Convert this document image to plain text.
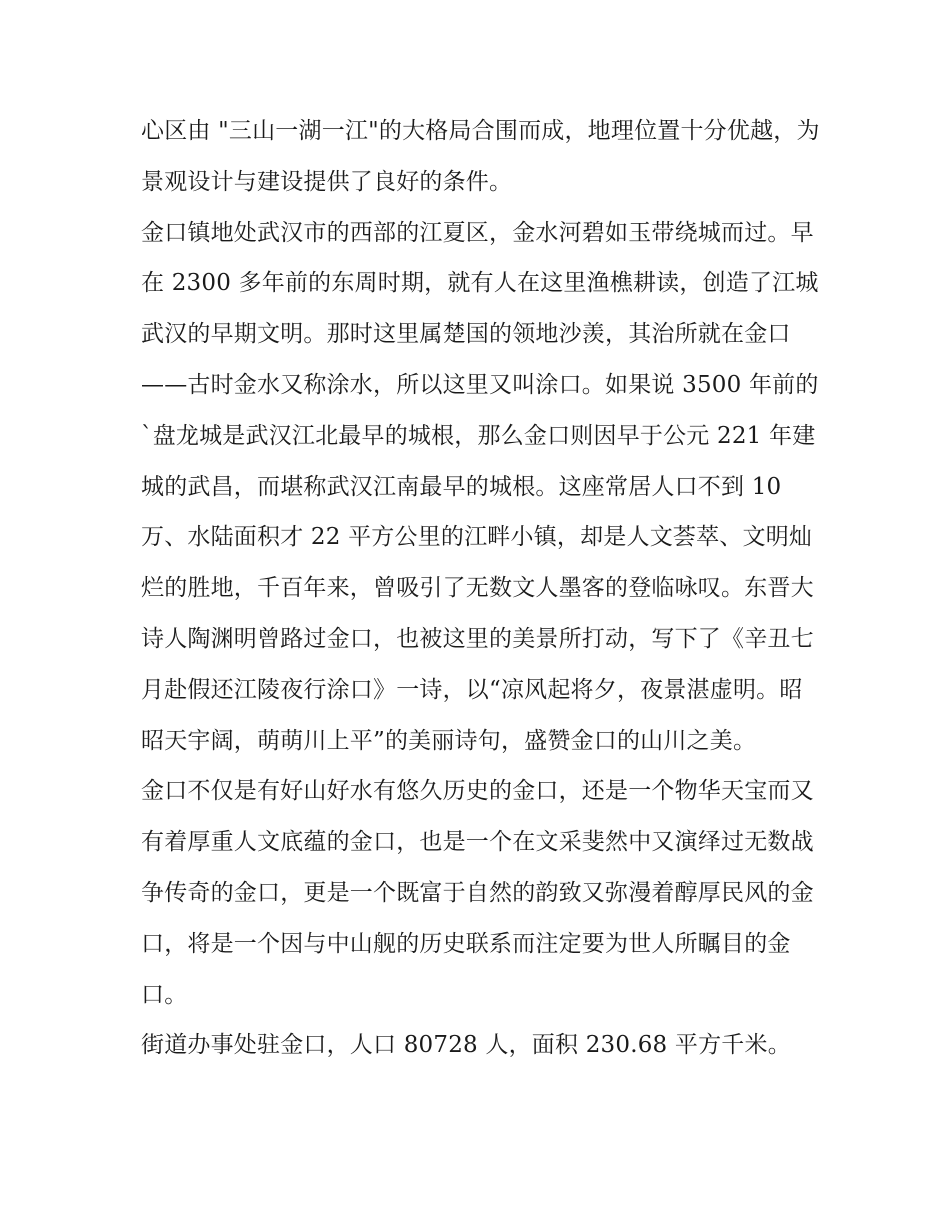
心区由 "三山一湖一江"的大格局合围而成，地理位置十分优越，为景观设计与建设提供了良好的条件。

金口镇地处武汉市的西部的江夏区，金水河碧如玉带绕城而过。早在 2300 多年前的东周时期，就有人在这里渔樵耕读，创造了江城武汉的早期文明。那时这里属楚国的领地沙羡，其治所就在金口——古时金水又称涂水，所以这里又叫涂口。如果说 3500 年前的`盘龙城是武汉江北最早的城根，那么金口则因早于公元 221 年建城的武昌，而堪称武汉江南最早的城根。这座常居人口不到 10 万、水陆面积才 22 平方公里的江畔小镇，却是人文荟萃、文明灿烂的胜地，千百年来，曾吸引了无数文人墨客的登临咏叹。东晋大诗人陶渊明曾路过金口，也被这里的美景所打动，写下了《辛丑七月赴假还江陵夜行涂口》一诗，以“凉风起将夕，夜景湛虚明。昭昭天宇阔，萌萌川上平”的美丽诗句，盛赞金口的山川之美。

金口不仅是有好山好水有悠久历史的金口，还是一个物华天宝而又有着厚重人文底蕴的金口，也是一个在文采斐然中又演绎过无数战争传奇的金口，更是一个既富于自然的韵致又弥漫着醇厚民风的金口，将是一个因与中山舰的历史联系而注定要为世人所瞩目的金口。

街道办事处驻金口，人口 80728 人，面积 230.68 平方千米。
